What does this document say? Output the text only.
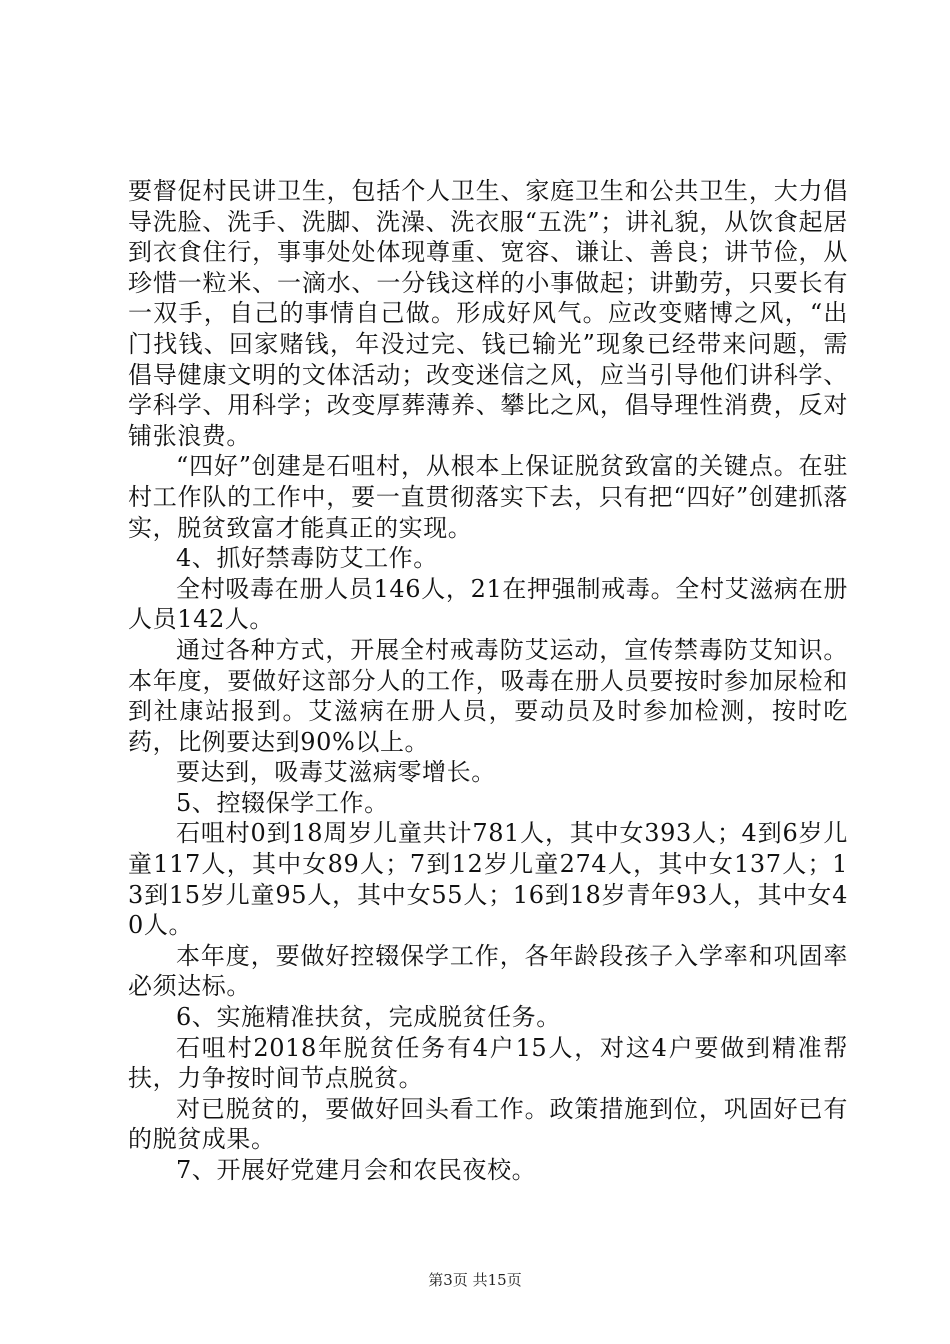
要督促村民讲卫生，包括个人卫生、家庭卫生和公共卫生，大力倡导洗脸、洗手、洗脚、洗澡、洗衣服“五洗”；讲礼貌，从饮食起居到衣食住行，事事处处体现尊重、宽容、谦让、善良；讲节俭，从珍惜一粒米、一滴水、一分钱这样的小事做起；讲勤劳，只要长有一双手，自己的事情自己做。形成好风气。应改变赌博之风，“出门找钱、回家赌钱，年没过完、钱已输光”现象已经带来问题，需倡导健康文明的文体活动；改变迷信之风，应当引导他们讲科学、学科学、用科学；改变厚葬薄养、攀比之风，倡导理性消费，反对铺张浪费。

“四好”创建是石咀村，从根本上保证脱贫致富的关键点。在驻村工作队的工作中，要一直贯彻落实下去，只有把“四好”创建抓落实，脱贫致富才能真正的实现。

4、抓好禁毒防艾工作。

全村吸毒在册人员146人，21在押强制戒毒。全村艾滋病在册人员142人。

通过各种方式，开展全村戒毒防艾运动，宣传禁毒防艾知识。本年度，要做好这部分人的工作，吸毒在册人员要按时参加尿检和到社康站报到。艾滋病在册人员，要动员及时参加检测，按时吃药，比例要达到90%以上。

要达到，吸毒艾滋病零增长。

5、控辍保学工作。

石咀村0到18周岁儿童共计781人，其中女393人；4到6岁儿童117人，其中女89人；7到12岁儿童274人，其中女137人；13到15岁儿童95人，其中女55人；16到18岁青年93人，其中女40人。

本年度，要做好控辍保学工作，各年龄段孩子入学率和巩固率必须达标。

6、实施精准扶贫，完成脱贫任务。

石咀村2018年脱贫任务有4户15人，对这4户要做到精准帮扶，力争按时间节点脱贫。

对已脱贫的，要做好回头看工作。政策措施到位，巩固好已有的脱贫成果。

7、开展好党建月会和农民夜校。

第3页 共15页
